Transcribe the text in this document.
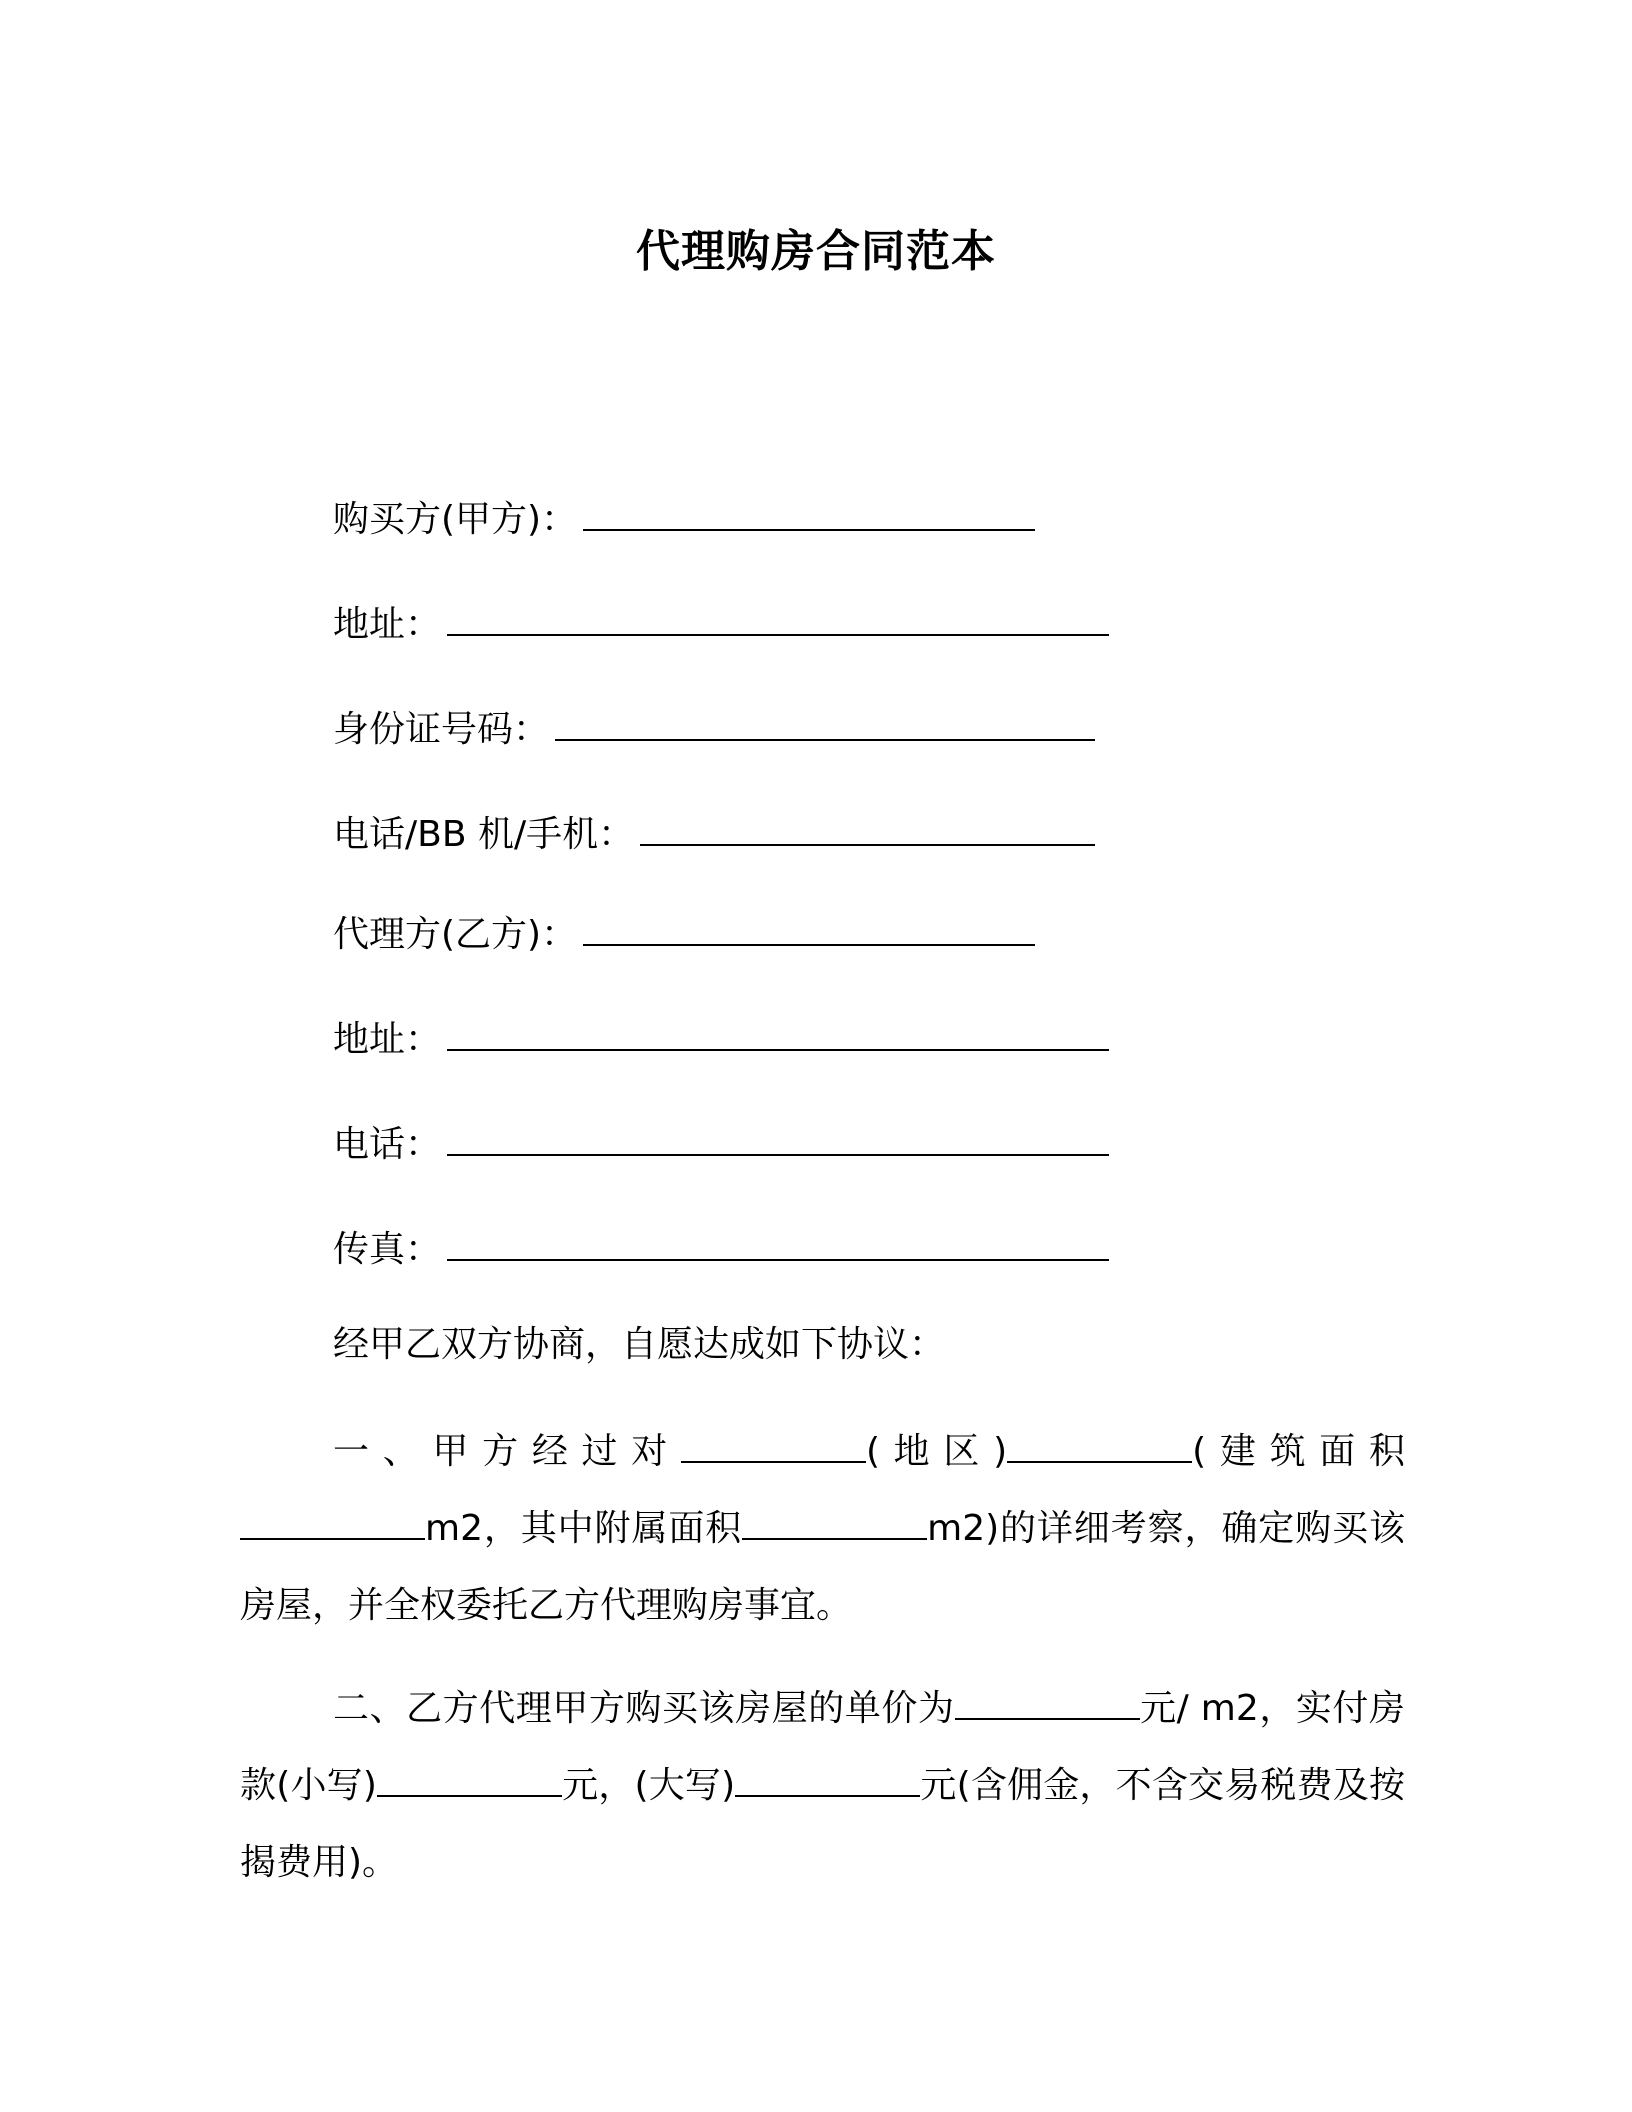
代理购房合同范本
购买方(甲方)：
地址：
身份证号码：
电话/BB 机/手机：
代理方(乙方)：
地址：
电话：
传真：
经甲乙双方协商，自愿达成如下协议：
一、甲方经过对	(地区)	(建筑面积 m2，其中附属面积	m2)的详细考察，确定购买该房屋，并全权委托乙方代理购房事宜。
二、乙方代理甲方购买该房屋的单价为	元/ m2，实付房款(小写)	元，(大写)	元(含佣金，不含交易税费及按揭费用)。
